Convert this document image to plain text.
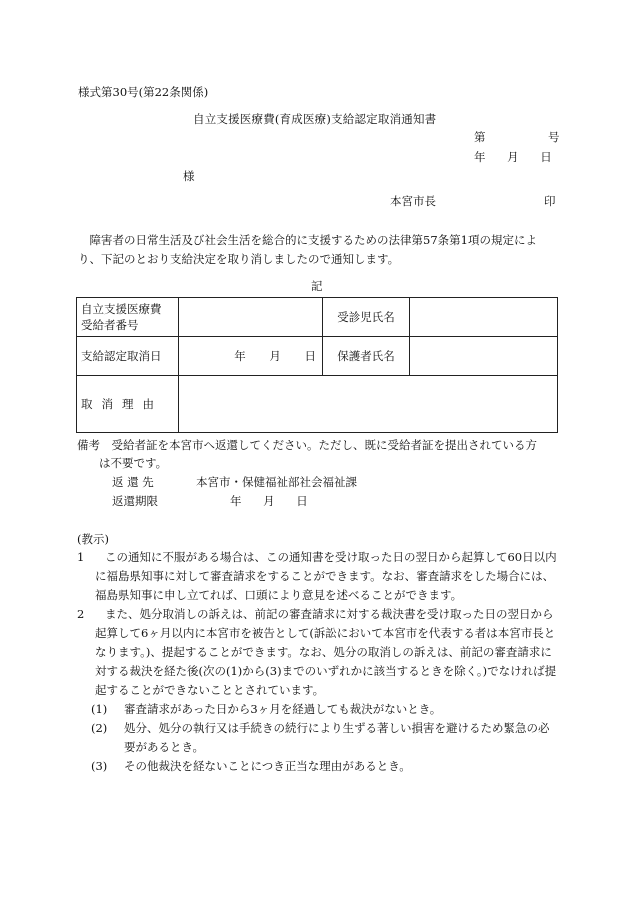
様式第30号(第22条関係)
自立支援医療費(育成医療)支給認定取消通知書
第	号
年 月 日
様
本宮市長	印
　障害者の日常生活及び社会生活を総合的に支援するための法律第57条第1項の規定により、下記のとおり支給決定を取り消しましたので通知します。
記
自立支援医療費
受給者番号		受診児氏名	
支給認定取消日	年 月 日	保護者氏名	
取消理由			
備考　 受給者証を本宮市へ返還してください。ただし、既に受給者証を提出されている方
は不要です。
返 還 先	本宮市・保健福祉部社会福祉課
返還期限	年 月 日
(教示)
1	この通知に不服がある場合は、この通知書を受け取った日の翌日から起算して60日以内に福島県知事に対して審査請求をすることができます。なお、審査請求をした場合には、福島県知事に申し立てれば、口頭により意見を述べることができます。
2	また、処分取消しの訴えは、前記の審査請求に対する裁決書を受け取った日の翌日から起算して6ヶ月以内に本宮市を被告として(訴訟において本宮市を代表する者は本宮市長となります。)、提起することができます。なお、処分の取消しの訴えは、前記の審査請求に対する裁決を経た後(次の(1)から(3)までのいずれかに該当するときを除く。)でなければ提起することができないこととされています。
(1) 審査請求があった日から3ヶ月を経過しても裁決がないとき。
(2) 処分、処分の執行又は手続きの続行により生ずる著しい損害を避けるため緊急の必要があるとき。
(3) その他裁決を経ないことにつき正当な理由があるとき。
